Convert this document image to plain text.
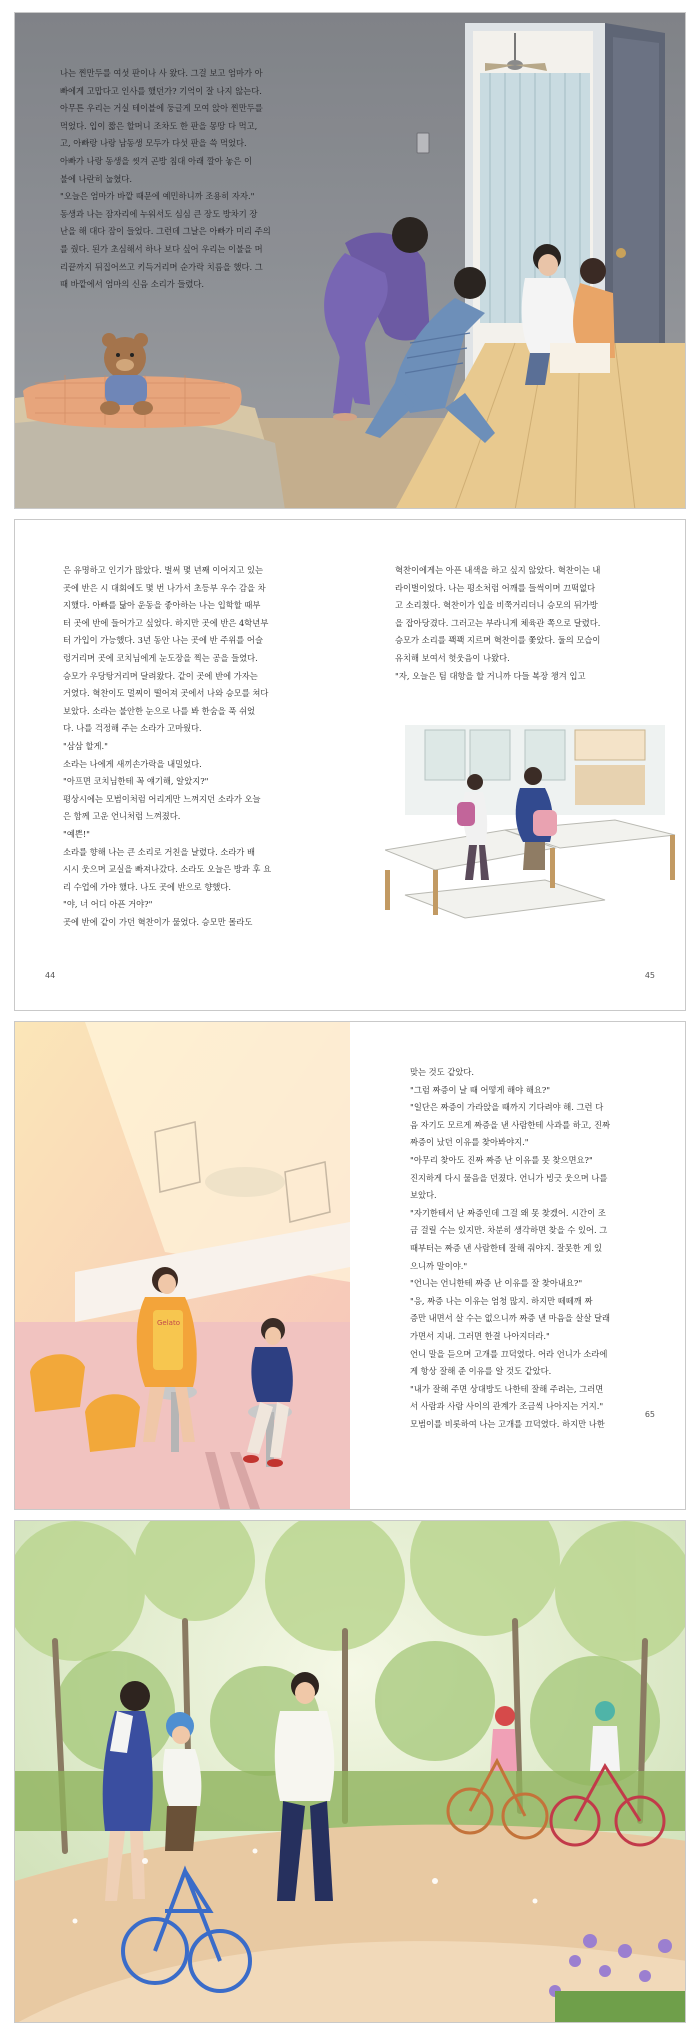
나는 찐만두를 여섯 판이나 사 왔다. 그걸 보고 엄마가 아

빠에게 고맙다고 인사를 했던가? 기억이 잘 나지 않는다.

아무튼 우리는 거실 테이블에 둥글게 모여 앉아 찐만두를

먹었다. 입이 짧은 할머니 조차도 한 판을 몽땅 다 먹고,

고, 아빠랑 나랑 남동생 모두가 다섯 판을 쓱 먹었다.

아빠가 나랑 동생을 씻겨 곤방 침대 아래 깔아 놓은 이

불에 나란히 눕혔다.

"오늘은 엄마가 바깥 때문에 예민하니까 조용히 자자."

동생과 나는 잠자리에 누워서도 심심 큰 장도 방차기 장

난을 해 대다 잠이 들었다. 그런데 그날은 아빠가 미리 주의

를 줬다. 된가 초심해서 하나 보다 싶어 우리는 이불을 머

리끝까지 뒤집어쓰고 키득거리며 순가락 치름을 했다. 그

때 바깥에서 엄마의 신음 소리가 들렸다.

은 유명하고 인기가 많았다. 벌써 몇 년째 이어지고 있는

곳에 반은 시 대회에도 몇 번 나가서 초등부 우수 감을 차

지했다. 아빠를 닮아 운동을 좋아하는 나는 입학할 때부

터 곳에 반에 들어가고 싶었다. 하지만 곳에 반은 4학년부

터 가입이 가능했다. 3년 동안 나는 곳에 반 주위를 어슬

렁거리며 곳에 코치님에게 눈도장을 찍는 공을 들였다.

승모가 우당탕거리며 달려왔다. 같이 곳에 반에 가자는

거였다. 혁찬이도 멀찌이 떨어져 곳에서 나와 승모를 쳐다

보았다. 소라는 불안한 눈으로 나를 봐 한숨을 푹 쉬었

다. 나를 걱정해 주는 소라가 고마웠다.

"삼삼 할게."

소라는 나에게 새끼손가락을 내밀었다.

"아프면 코치님한테 꼭 얘기해, 알았지?"

평상시에는 모범이처럼 어리게만 느껴지던 소라가 오늘

은 함께 고운 언니처럼 느껴졌다.

"예쁜!"

소라를 향해 나는 큰 소리로 거친을 날렸다. 소라가 배

시시 웃으며 교실을 빠져나갔다. 소라도 오늘은 방과 후 요

리 수업에 가야 했다. 나도 곳에 반으로 향했다.

"야, 너 어디 아픈 거야?"

곳에 반에 같이 가던 혁찬이가 물었다. 승모만 몰라도

혁찬이에게는 아픈 내색을 하고 싶지 않았다. 혁찬이는 내

라이벌이었다. 나는 평소처럼 어깨를 들썩이며 끄떡없다

고 소리쳤다. 혁찬이가 입을 비쭉거리더니 승모의 뒤가방

을 잡아당겼다. 그러고는 부라니게 체육관 쪽으로 달렸다.

승모가 소리를 꽥꽥 지르며 혁찬이를 쫓았다. 둘의 모습이

유치해 보여서 헛웃음이 나왔다.

"자, 오늘은 팀 대항을 할 거니까 다들 복장 챙겨 입고

44	45
Gelato

맞는 것도 같았다.

"그럼 짜증이 날 때 어떻게 해야 해요?"

"일단은 짜증이 가라앉을 때까지 기다려야 해. 그런 다

음 자기도 모르게 짜증을 낸 사람한테 사과를 하고, 진짜

짜증이 났던 이유를 찾아봐야지."

"아무리 찾아도 진짜 짜증 난 이유를 못 찾으면요?"

진지하게 다시 물음을 던졌다. 언니가 빙긋 웃으며 나를

보았다.

"자기한테서 난 짜증인데 그걸 왜 못 찾겠어. 시간이 조

금 걸릴 수는 있지만. 차분히 생각하면 찾을 수 있어. 그

때부터는 짜증 낸 사람한테 잘해 줘야지. 잘못한 게 있

으니까 말이야."

"언니는 언니한테 짜증 난 이유를 잘 찾아내요?"

"응, 짜증 나는 이유는 엄청 많지. 하지만 떼떼깨 짜

증만 내면서 살 수는 없으니까 짜증 낸 마음을 살살 달래

가면서 지내. 그러면 한결 나아지더라."

언니 말을 듣으며 고개를 끄덕였다. 어라 언니가 소라에

게 항상 잘해 준 이유를 알 것도 같았다.

"내가 잘해 주면 상대방도 나한테 잘해 주려는, 그러면

서 사람과 사람 사이의 관계가 조금씩 나아지는 거지."

모범이를 비롯하여 나는 고개를 끄덕였다. 하지만 나한

65
